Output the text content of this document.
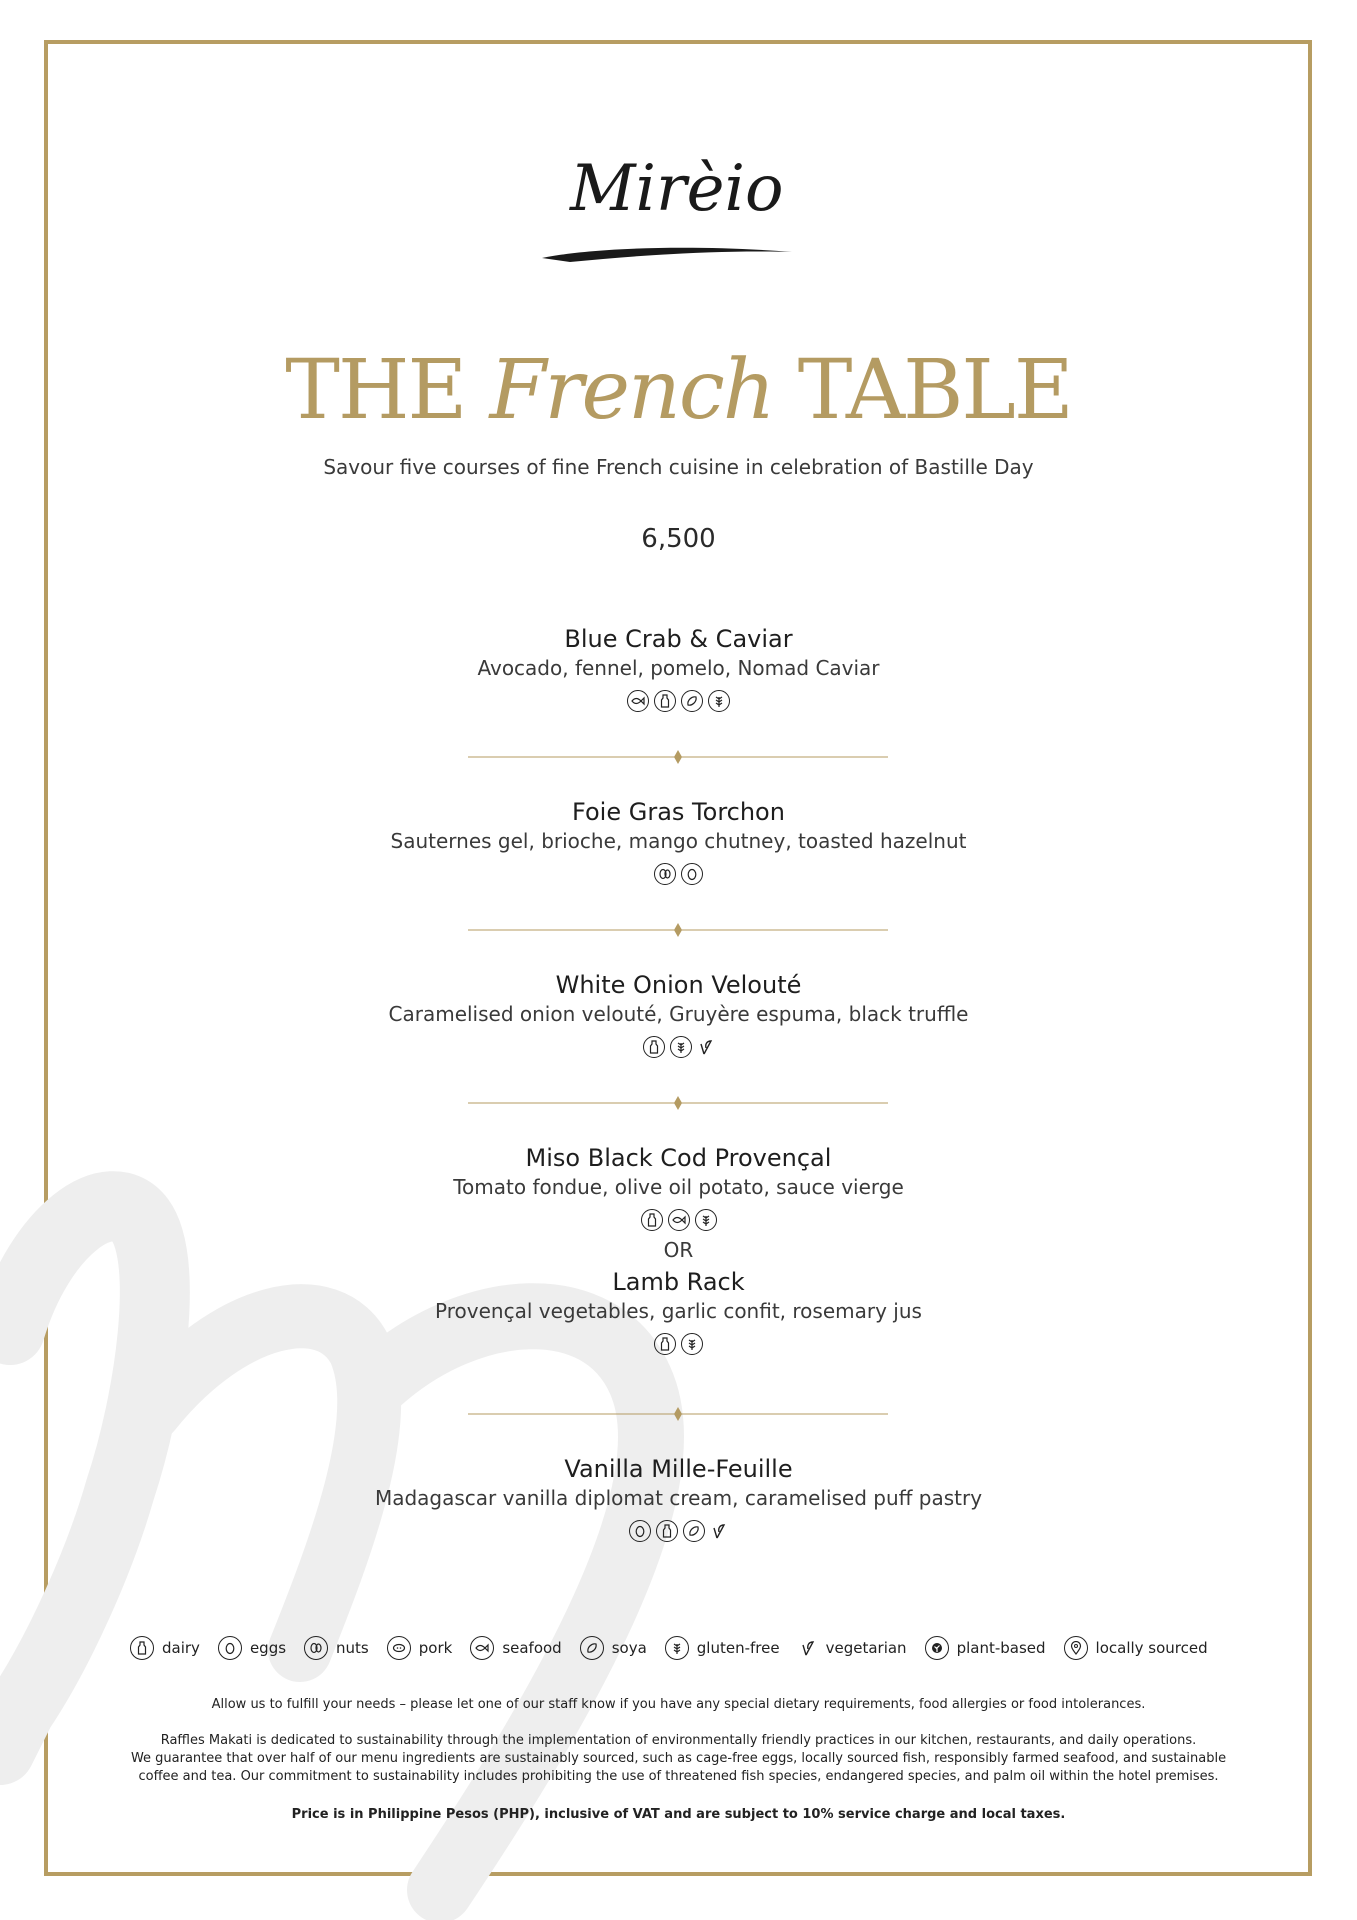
Mirèio
THE French TABLE
Savour five courses of fine French cuisine in celebration of Bastille Day
6,500
Blue Crab & Caviar
Avocado, fennel, pomelo, Nomad Caviar
Foie Gras Torchon
Sauternes gel, brioche, mango chutney, toasted hazelnut
White Onion Velouté
Caramelised onion velouté, Gruyère espuma, black truffle
Miso Black Cod Provençal
Tomato fondue, olive oil potato, sauce vierge
OR
Lamb Rack
Provençal vegetables, garlic confit, rosemary jus
Vanilla Mille-Feuille
Madagascar vanilla diplomat cream, caramelised puff pastry
dairy	eggs	nuts	pork	seafood	soya	gluten-free	vegetarian	plant-based	locally sourced
Allow us to fulfill your needs – please let one of our staff know if you have any special dietary requirements, food allergies or food intolerances.
Raffles Makati is dedicated to sustainability through the implementation of environmentally friendly practices in our kitchen, restaurants, and daily operations.
We guarantee that over half of our menu ingredients are sustainably sourced, such as cage-free eggs, locally sourced fish, responsibly farmed seafood, and sustainable
coffee and tea. Our commitment to sustainability includes prohibiting the use of threatened fish species, endangered species, and palm oil within the hotel premises.
Price is in Philippine Pesos (PHP), inclusive of VAT and are subject to 10% service charge and local taxes.
